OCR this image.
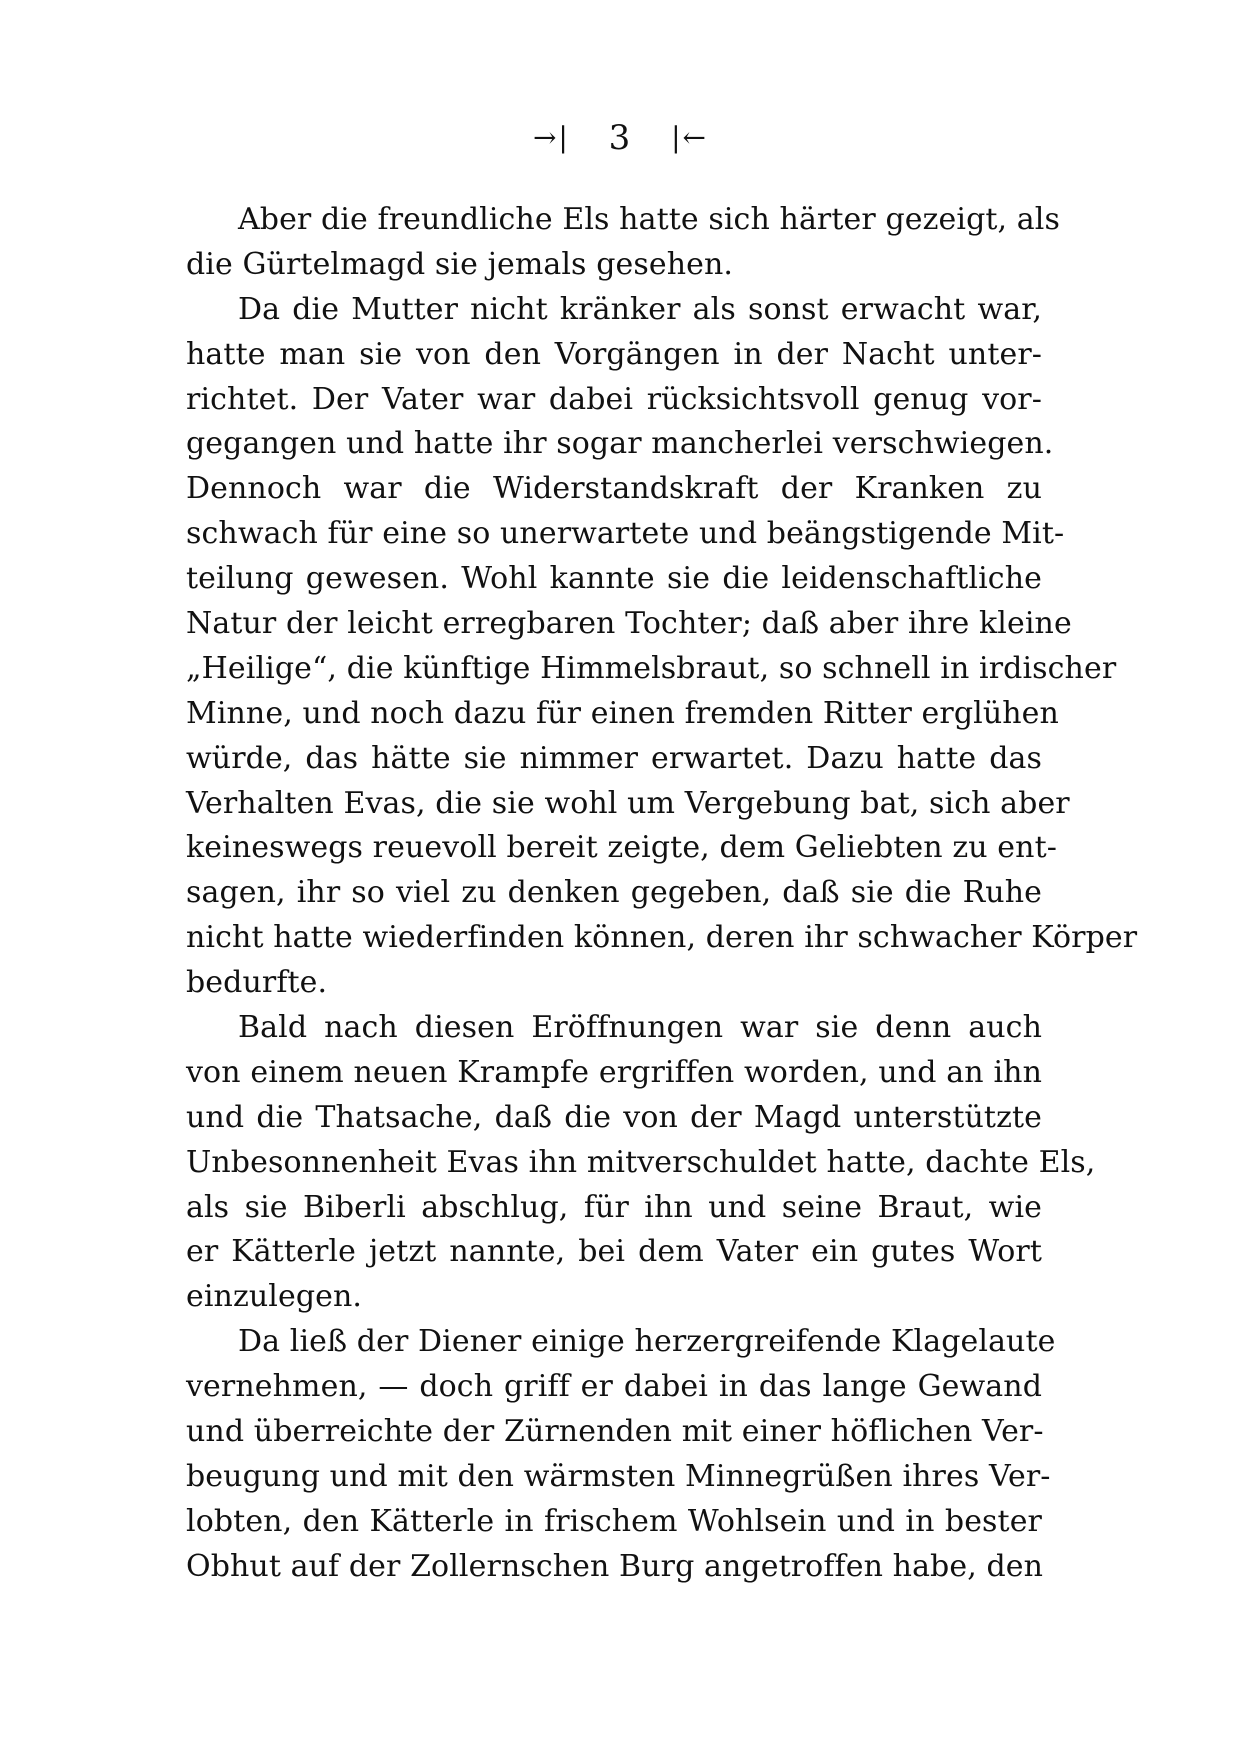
→| 3 |←
Aber die freundliche Els hatte sich härter gezeigt, als
die Gürtelmagd sie jemals gesehen.
Da die Mutter nicht kränker als sonst erwacht war,
hatte man sie von den Vorgängen in der Nacht unter-
richtet. Der Vater war dabei rücksichtsvoll genug vor-
gegangen und hatte ihr sogar mancherlei verschwiegen.
Dennoch war die Widerstandskraft der Kranken zu
schwach für eine so unerwartete und beängstigende Mit-
teilung gewesen. Wohl kannte sie die leidenschaftliche
Natur der leicht erregbaren Tochter; daß aber ihre kleine
„Heilige“, die künftige Himmelsbraut, so schnell in irdischer
Minne, und noch dazu für einen fremden Ritter erglühen
würde, das hätte sie nimmer erwartet. Dazu hatte das
Verhalten Evas, die sie wohl um Vergebung bat, sich aber
keineswegs reuevoll bereit zeigte, dem Geliebten zu ent-
sagen, ihr so viel zu denken gegeben, daß sie die Ruhe
nicht hatte wiederfinden können, deren ihr schwacher Körper
bedurfte.
Bald nach diesen Eröffnungen war sie denn auch
von einem neuen Krampfe ergriffen worden, und an ihn
und die Thatsache, daß die von der Magd unterstützte
Unbesonnenheit Evas ihn mitverschuldet hatte, dachte Els,
als sie Biberli abschlug, für ihn und seine Braut, wie
er Kätterle jetzt nannte, bei dem Vater ein gutes Wort
einzulegen.
Da ließ der Diener einige herzergreifende Klagelaute
vernehmen, — doch griff er dabei in das lange Gewand
und überreichte der Zürnenden mit einer höflichen Ver-
beugung und mit den wärmsten Minnegrüßen ihres Ver-
lobten, den Kätterle in frischem Wohlsein und in bester
Obhut auf der Zollernschen Burg angetroffen habe, den
